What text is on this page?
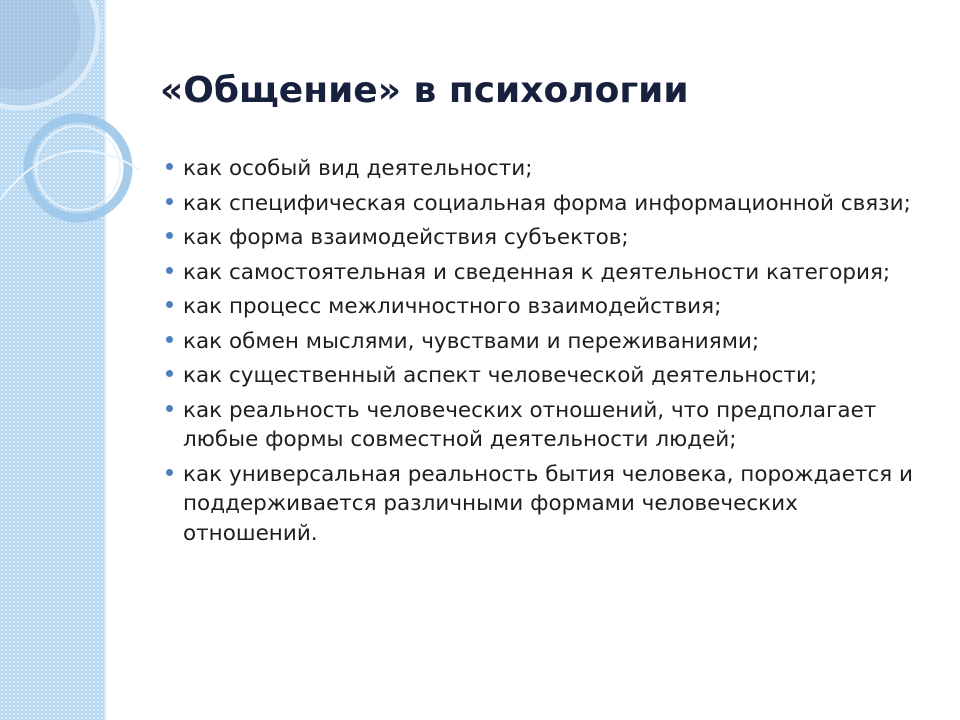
«Общение» в психологии
как особый вид деятельности;
как специфическая социальная форма информационной связи;
как форма взаимодействия субъектов;
как самостоятельная и сведенная к деятельности категория;
как процесс межличностного взаимодействия;
как обмен мыслями, чувствами и переживаниями;
как существенный аспект человеческой деятельности;
как реальность человеческих отношений, что предполагает любые формы совместной деятельности людей;
как универсальная реальность бытия человека, порождается и поддерживается различными формами человеческих отношений.
